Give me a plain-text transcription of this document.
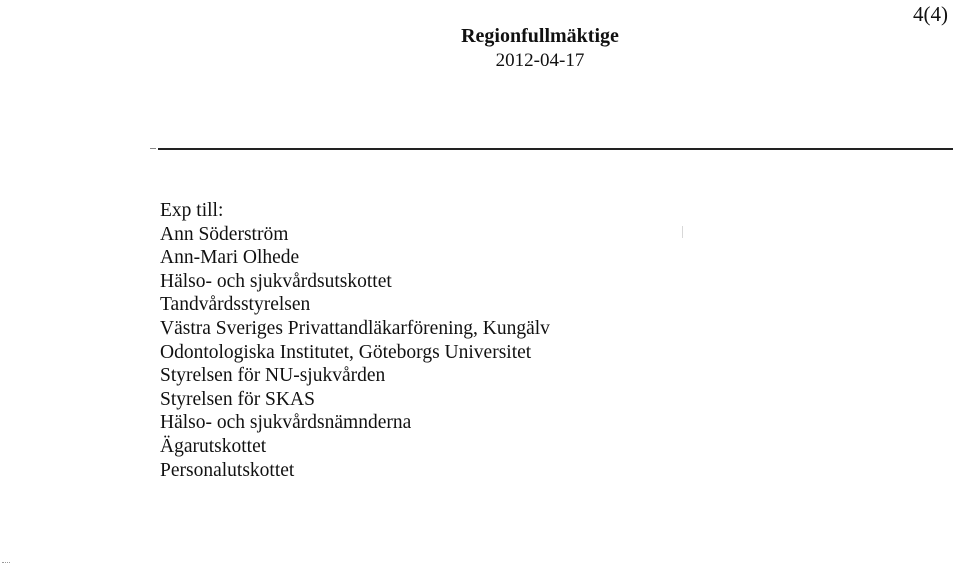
4(4)
Regionfullmäktige
2012-04-17

Exp till:

Ann Söderström
Ann-Mari Olhede
Hälso- och sjukvårdsutskottet
Tandvårdsstyrelsen
Västra Sveriges Privattandläkarförening, Kungälv
Odontologiska Institutet, Göteborgs Universitet
Styrelsen för NU-sjukvården
Styrelsen för SKAS
Hälso- och sjukvårdsnämnderna
Ägarutskottet
Personalutskottet
